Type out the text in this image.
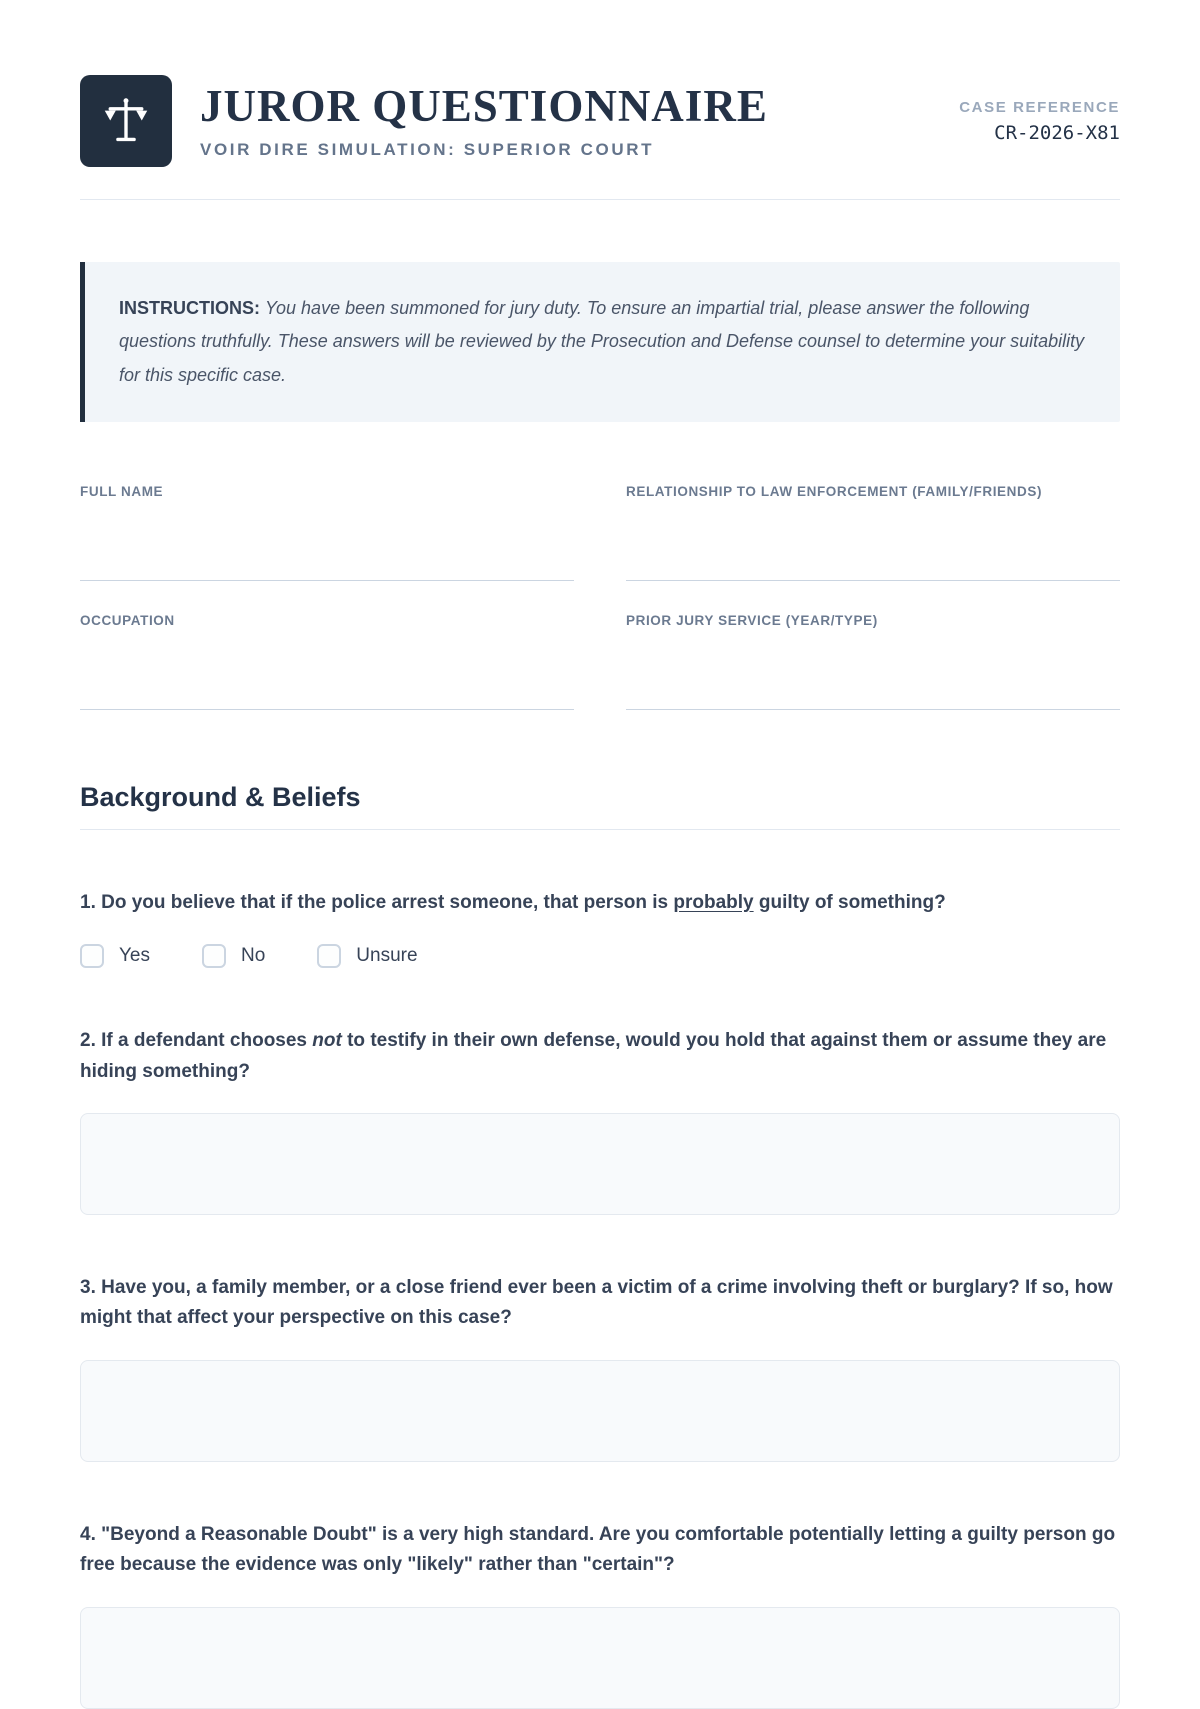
JUROR QUESTIONNAIRE
VOIR DIRE SIMULATION: SUPERIOR COURT
CASE REFERENCE
CR-2026-X81

INSTRUCTIONS: You have been summoned for jury duty. To ensure an impartial trial, please answer the following questions truthfully. These answers will be reviewed by the Prosecution and Defense counsel to determine your suitability for this specific case.

FULL NAME	RELATIONSHIP TO LAW ENFORCEMENT (FAMILY/FRIENDS)
OCCUPATION	PRIOR JURY SERVICE (YEAR/TYPE)
Background & Beliefs

1. Do you believe that if the police arrest someone, that person is probably guilty of something?

Yes	No	Unsure

2. If a defendant chooses not to testify in their own defense, would you hold that against them or assume they are hiding something?

3. Have you, a family member, or a close friend ever been a victim of a crime involving theft or burglary? If so, how might that affect your perspective on this case?

4. "Beyond a Reasonable Doubt" is a very high standard. Are you comfortable potentially letting a guilty person go free because the evidence was only "likely" rather than "certain"?
